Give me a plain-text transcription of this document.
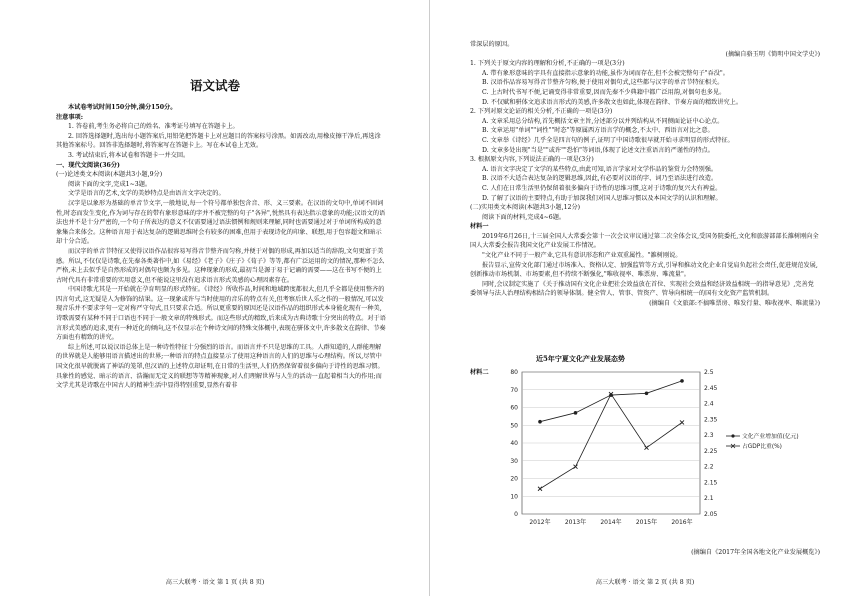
语文试卷

本试卷考试时间150分钟,满分150分。

注意事项:

1. 答卷前,考生务必将自己的姓名、准考证号填写在答题卡上。

2. 回答选择题时,选出每小题答案后,用铅笔把答题卡上对应题目的答案标号涂黑。如需改动,用橡皮擦干净后,再选涂其他答案标号。回答非选择题时,将答案写在答题卡上。写在本试卷上无效。

3. 考试结束后,将本试卷和答题卡一并交回。

一、现代文阅读(36分)

(一)论述类文本阅读(本题共3小题,9分)

阅读下面的文字,完成1~3题。

文学是语言的艺术,文学的美妙特点是由语言文字决定的。

汉字是以象形为基础的单音节文字,一般地说,每一个符号都单独包含音、形、义三要素。在汉语的文句中,单词不固词性,时态而发生变化,作为词与存在的带有象形意味的字并不被完整的句子"各异",悦然具有表达指示意象的功能;汉语文的语法也并不是十分严密的,一个句子所表达的意义不仅需要通过语法惯例和规则来理解,同时也需要通过对于单词所构成的意象集合来体会。这种语言用于表达复杂的逻辑思维时会有较多的困难,但用于表现诗化的印象、联想,用于包容超文和暗示却十分合适。

而汉字的单音节特征又使得汉语作品很容易写得音节整齐而匀称,并便于对偶的形成,再加以适当的辞韵,文句更富于美感。所以,不仅仅是诗歌,在先秦各类著作中,如《易经》《老子》《庄子》《荀子》等等,都有广泛运用的文的情况,那种不怎么严格,未上去似乎是自然形成的对偶句也颇为多见。这种现象的形成,最初当是源于易于记诵的需要——这在书写不便的上古时代具有非常重要的实用意义,但不能说这里没有追求语言形式美感的心理因素存在。

中国诗歌尤其是一开始就在孕育明显的形式特征。《诗经》所收作品,时间和地域跨度都很大,但几乎全都是使用整齐的四言句式,这无疑是人为修饰的结果。这一现象或许与当时使用的音乐的特点有关,但考察后世人乐之作的一般情况,可以发现音乐并不要求字句一定对称严守句式,且只要求合适。所以更重要的原因还是汉语作品的组织形式本身能化现有一种美,诗歌需要有某种不同于口语也不同于一般文章的特殊形式。而这些形式的精致,后来成为古典诗歌十分突出的特点。对于语言形式美感的追求,更有一种近化的倾向,这不仅显示在个种诗文间的特殊文体概中,表现在骈体文中,许多散文在韵律、节奏方面也有精致的讲究。

综上所述,可以说汉语总体上是一种诗性特征十分强烈的语言。而语言并不只是思维的工具。人群知道的,人群能理解的世界就是人能够用语言描述出的世界;一种语言的特点直接显示了使用这种语言的人们的思维与心理结构。所以,尽管中国文化很早就脱离了神话的笼罩,但汉语的上述特点却证明,在日常的生活里,人们仍然保留着很多偏向于诗性的思维习惯。具象性的感觉、暗示的语言、浩瀚而无定义的联想等等精神现象,对人们理解世界与人生的活动一直起着相当大的作用;而文学尤其是诗歌在中国古人的精神生活中显得特别重要,显然有着非

高三大联考 · 语文 第 1 页 (共 8 页)

常深层的原因。

(摘编自骆玉明《简明中国文学史》)

1. 下列关于原文内容的理解和分析,不正确的一项是(3分)

A. 带有象形意味的字具有直接指示意象的功能,虽作为词而存在,但不会被完整句子"吞没"。

B. 汉语作品容易写得音节整齐匀称,便于使用对偶句式,这些都与汉字的单音节特征相关。

C. 上古时代书写不便,记诵变得非常重要,因而先秦不少典籍中都广泛用韵,对偶句也多见。

D. 不仅赋和骈体文追求语言形式的美感,许多散文也如此,体现在韵律、节奏方面的精致讲究上。

2. 下列对原文论证的相关分析,不正确的一项是(3分)

A. 文章采用总分结构,首先概括文章主旨,分述部分以并列结构从不同侧面论证中心论点。

B. 文章运用"单词""词性""时态"等原属西方语言学的概念,不太中、西语言对比之意。

C. 文章举《诗经》几乎全是四言句的例子,证明了中国诗歌很早就开始寻求明显的形式特征。

D. 文章多处出现"当是""或许""恐怕"等词语,体现了论述文注重语言的严谨性的特点。

3. 根据原文内容,下列说法正确的一项是(3分)

A. 语言文字决定了文学的某些特点,由此可知,语言学家对文学作品的鉴赏力会特别强。

B. 汉语不大适合表达复杂的逻辑思维,因此,有必要对汉语的字、词乃至语法进行改造。

C. 人们在日常生活里仍保留着很多偏向于诗性的思维习惯,这对于诗歌的复兴大有裨益。

D. 了解了汉语的主要特点,有助于加深我们对国人思维习惯以及本国文学的认识和理解。

(二)实用类文本阅读(本题共3小题,12分)

阅读下面的材料,完成4~6题。

材料一

2019年6月26日,十三届全国人大常委会第十一次会议审议通过第二次全体会议,受国务院委托,文化和旅游部部长雒树刚向全国人大常委会报告我国文化产业发展工作情况。

"文化产业不同于一般产业,它具有意识形态和产业双重属性。"雒树刚说。

报告显示,宣传文化部门通过市场准入、资格认定、加强监管等方式,引导和推动文化企业自觉肩负起社会责任,促进规范发展,创新推动市场机制、市场要素,但不持续不断强化,"唯收视率、唯票房、唯流量"。

同时,会议制定实施了《关于推动国有文化企业把社会效益放在首位、实现社会效益和经济效益相统一的指导意见》,完善党委领导与法人治理结构相结合的领导体制。健全管人、管事、管资产、管导向相统一的国有文化资产监管机制。

(摘编自《文旅部:不搞唯票房、唯发行量、唯收视率、唯流量》)

材料二

(摘编自《2017年全国各地文化产业发展概览》)

高三大联考 · 语文 第 2 页 (共 8 页)
近5年宁夏文化产业发展态势
0
10
20
30
40
50
60
70
80
2.05
2.1
2.15
2.2
2.25
2.3
2.35
2.4
2.45
2.5
2012年 2013年 2014年 2015年 2016年
文化产业增加值(亿元)
占GDP比重(%)
